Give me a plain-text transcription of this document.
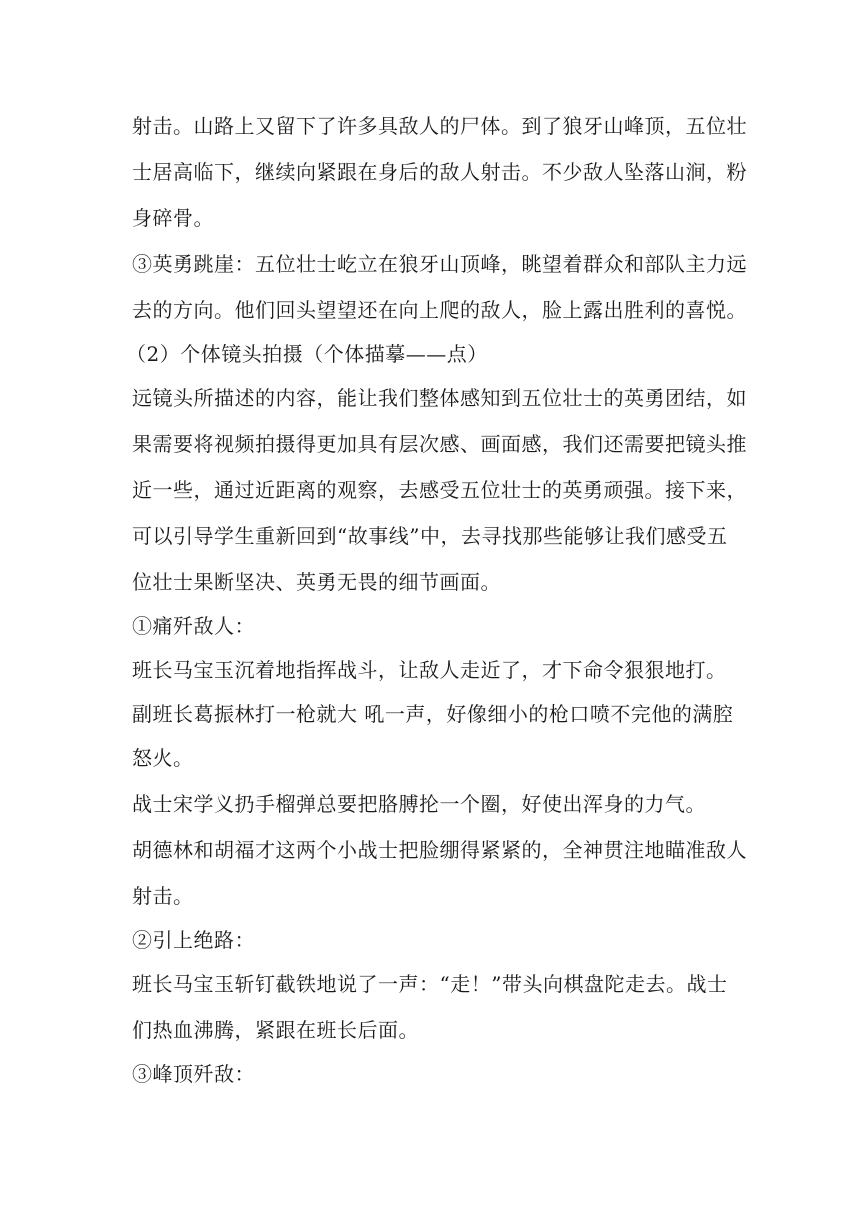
射击。山路上又留下了许多具敌人的尸体。到了狼牙山峰顶，五位壮
士居高临下，继续向紧跟在身后的敌人射击。不少敌人坠落山涧，粉
身碎骨。
③英勇跳崖：五位壮士屹立在狼牙山顶峰，眺望着群众和部队主力远
去的方向。他们回头望望还在向上爬的敌人，脸上露出胜利的喜悦。
（2）个体镜头拍摄（个体描摹——点）
远镜头所描述的内容，能让我们整体感知到五位壮士的英勇团结，如
果需要将视频拍摄得更加具有层次感、画面感，我们还需要把镜头推
近一些，通过近距离的观察，去感受五位壮士的英勇顽强。接下来，
可以引导学生重新回到“故事线”中，去寻找那些能够让我们感受五
位壮士果断坚决、英勇无畏的细节画面。
①痛歼敌人：
班长马宝玉沉着地指挥战斗，让敌人走近了，才下命令狠狠地打。
副班长葛振林打一枪就大 吼一声，好像细小的枪口喷不完他的满腔
怒火。
战士宋学义扔手榴弹总要把胳膊抡一个圈，好使出浑身的力气。
胡德林和胡福才这两个小战士把脸绷得紧紧的，全神贯注地瞄准敌人
射击。
②引上绝路：
班长马宝玉斩钉截铁地说了一声：“走！”带头向棋盘陀走去。战士
们热血沸腾，紧跟在班长后面。
③峰顶歼敌：
